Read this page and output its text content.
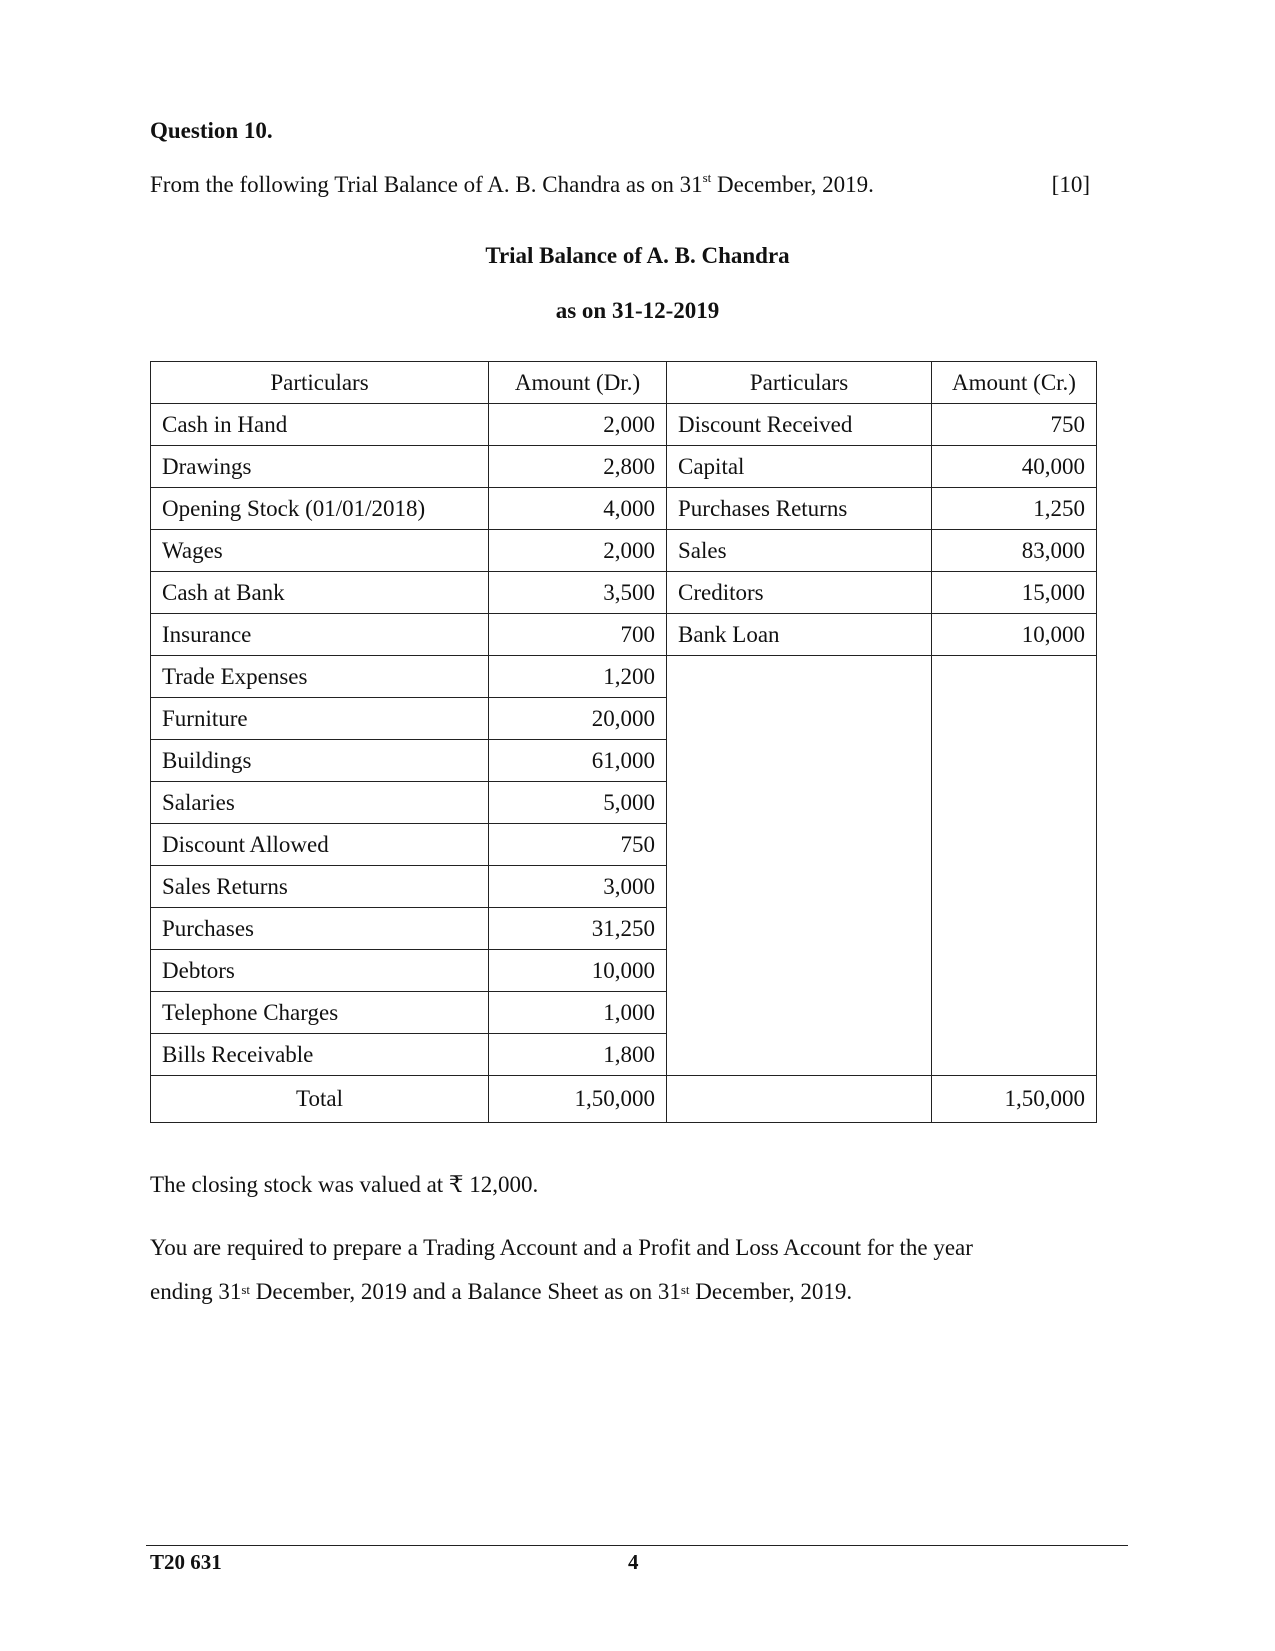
Question 10.
From the following Trial Balance of A. B. Chandra as on 31st December, 2019.	[10]
Trial Balance of A. B. Chandra
as on 31-12-2019
Particulars	Amount (Dr.)	Particulars	Amount (Cr.)
Cash in Hand	2,000	Discount Received	750
Drawings	2,800	Capital	40,000
Opening Stock (01/01/2018)	4,000	Purchases Returns	1,250
Wages	2,000	Sales	83,000
Cash at Bank	3,500	Creditors	15,000
Insurance	700	Bank Loan	10,000
Trade Expenses	1,200		
Furniture	20,000		
Buildings	61,000		
Salaries	5,000		
Discount Allowed	750		
Sales Returns	3,000		
Purchases	31,250		
Debtors	10,000		
Telephone Charges	1,000		
Bills Receivable	1,800		
Total	1,50,000		1,50,000
The closing stock was valued at ₹ 12,000.
You are required to prepare a Trading Account and a Profit and Loss Account for the year
ending 31st December, 2019 and a Balance Sheet as on 31st December, 2019.
T20 631	4
